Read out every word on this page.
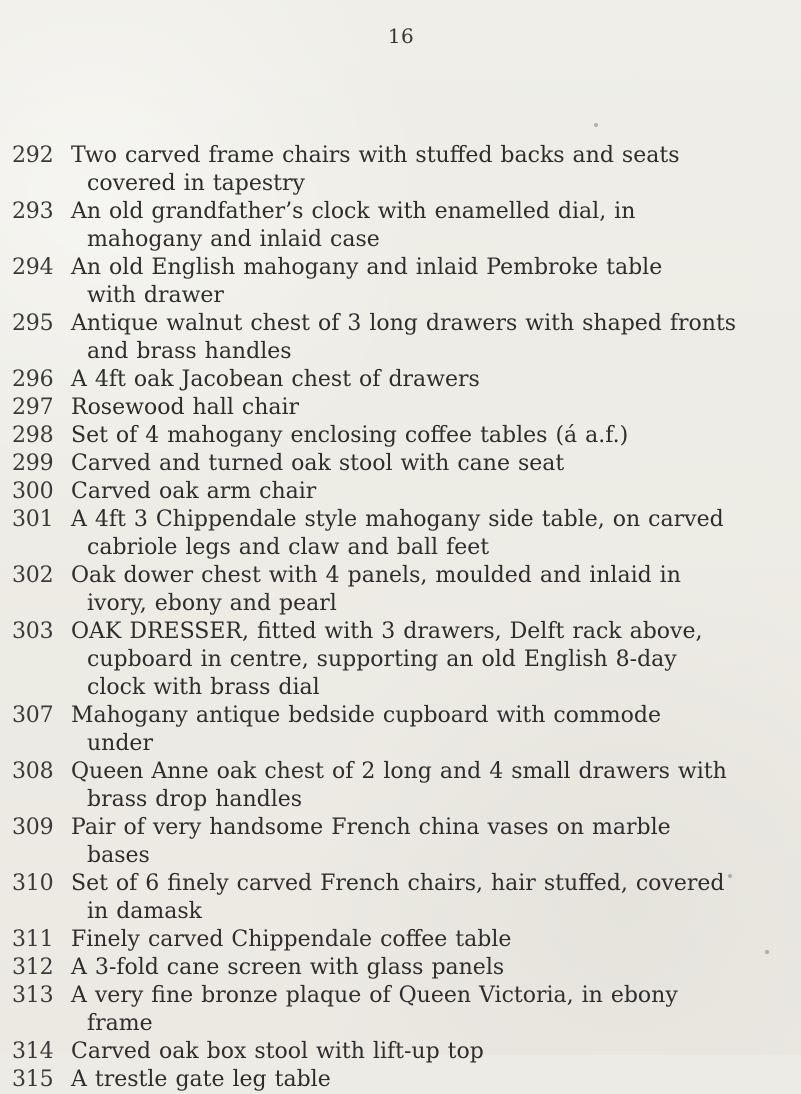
16
292 Two carved frame chairs with stuffed backs and seats
covered in tapestry
293 An old grandfather’s clock with enamelled dial, in
mahogany and inlaid case
294 An old English mahogany and inlaid Pembroke table
with drawer
295 Antique walnut chest of 3 long drawers with shaped fronts
and brass handles
296 A 4ft oak Jacobean chest of drawers
297 Rosewood hall chair
298 Set of 4 mahogany enclosing coffee tables (á a.f.)
299 Carved and turned oak stool with cane seat
300 Carved oak arm chair
301 A 4ft 3 Chippendale style mahogany side table, on carved
cabriole legs and claw and ball feet
302 Oak dower chest with 4 panels, moulded and inlaid in
ivory, ebony and pearl
303 OAK DRESSER, fitted with 3 drawers, Delft rack above,
cupboard in centre, supporting an old English 8-day
clock with brass dial
307 Mahogany antique bedside cupboard with commode
under
308 Queen Anne oak chest of 2 long and 4 small drawers with
brass drop handles
309 Pair of very handsome French china vases on marble
bases
310 Set of 6 finely carved French chairs, hair stuffed, covered
in damask
311 Finely carved Chippendale coffee table
312 A 3-fold cane screen with glass panels
313 A very fine bronze plaque of Queen Victoria, in ebony
frame
314 Carved oak box stool with lift-up top
315 A trestle gate leg table
